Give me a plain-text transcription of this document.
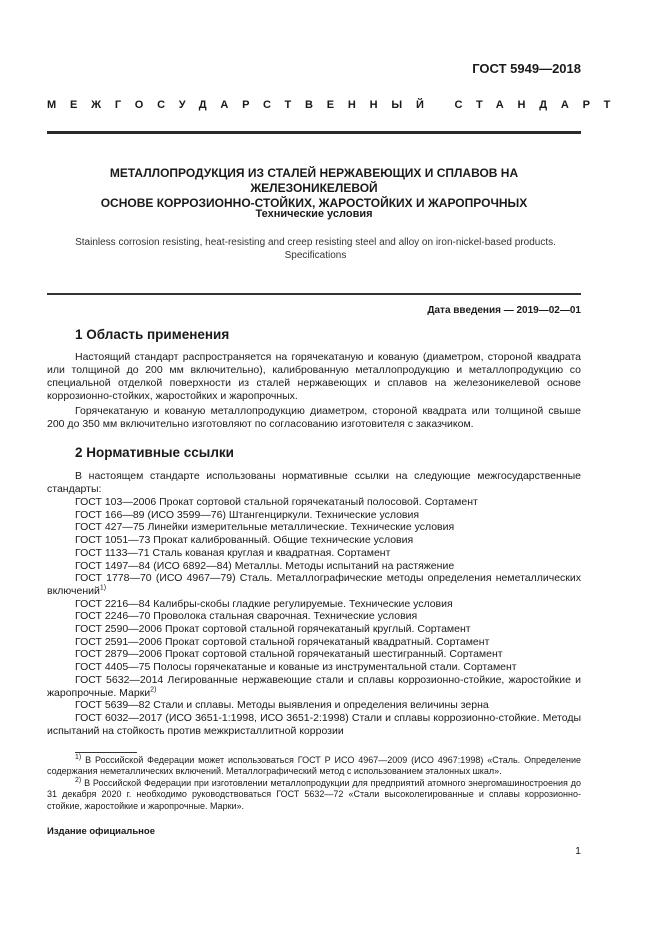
ГОСТ 5949—2018
МЕЖГОСУДАРСТВЕННЫЙ СТАНДАРТ
МЕТАЛЛОПРОДУКЦИЯ ИЗ СТАЛЕЙ НЕРЖАВЕЮЩИХ И СПЛАВОВ НА ЖЕЛЕЗОНИКЕЛЕВОЙ
ОСНОВЕ КОРРОЗИОННО-СТОЙКИХ, ЖАРОСТОЙКИХ И ЖАРОПРОЧНЫХ
Технические условия
Stainless corrosion resisting, heat-resisting and creep resisting steel and alloy on iron-nickel-based products. Specifications
Дата введения — 2019—02—01
1 Область применения
Настоящий стандарт распространяется на горячекатаную и кованую (диаметром, стороной квадрата или толщиной до 200 мм включительно), калиброванную металлопродукцию и металлопродукцию со специальной отделкой поверхности из сталей нержавеющих и сплавов на железоникелевой основе коррозионно-стойких, жаростойких и жаропрочных.
Горячекатаную и кованую металлопродукцию диаметром, стороной квадрата или толщиной свыше 200 до 350 мм включительно изготовляют по согласованию изготовителя с заказчиком.
2 Нормативные ссылки
В настоящем стандарте использованы нормативные ссылки на следующие межгосударственные стандарты:
ГОСТ 103—2006 Прокат сортовой стальной горячекатаный полосовой. Сортамент
ГОСТ 166—89 (ИСО 3599—76) Штангенциркули. Технические условия
ГОСТ 427—75 Линейки измерительные металлические. Технические условия
ГОСТ 1051—73 Прокат калиброванный. Общие технические условия
ГОСТ 1133—71 Сталь кованая круглая и квадратная. Сортамент
ГОСТ 1497—84 (ИСО 6892—84) Металлы. Методы испытаний на растяжение
ГОСТ 1778—70 (ИСО 4967—79) Сталь. Металлографические методы определения неметаллических включений$^{1)}$
ГОСТ 2216—84 Калибры-скобы гладкие регулируемые. Технические условия
ГОСТ 2246—70 Проволока стальная сварочная. Технические условия
ГОСТ 2590—2006 Прокат сортовой стальной горячекатаный круглый. Сортамент
ГОСТ 2591—2006 Прокат сортовой стальной горячекатаный квадратный. Сортамент
ГОСТ 2879—2006 Прокат сортовой стальной горячекатаный шестигранный. Сортамент
ГОСТ 4405—75 Полосы горячекатаные и кованые из инструментальной стали. Сортамент
ГОСТ 5632—2014 Легированные нержавеющие стали и сплавы коррозионно-стойкие, жаростойкие и жаропрочные. Марки$^{2)}$
ГОСТ 5639—82 Стали и сплавы. Методы выявления и определения величины зерна
ГОСТ 6032—2017 (ИСО 3651-1:1998, ИСО 3651-2:1998) Стали и сплавы коррозионно-стойкие. Методы испытаний на стойкость против межкристаллитной коррозии
$^{1)}$ В Российской Федерации может использоваться ГОСТ Р ИСО 4967—2009 (ИСО 4967:1998) «Сталь. Определение содержания неметаллических включений. Металлографический метод с использованием эталонных шкал».
$^{2)}$ В Российской Федерации при изготовлении металлопродукции для предприятий атомного энергомашиностроения до 31 декабря 2020 г. необходимо руководствоваться ГОСТ 5632—72 «Стали высоколегированные и сплавы коррозионно-стойкие, жаростойкие и жаропрочные. Марки».
Издание официальное
1
